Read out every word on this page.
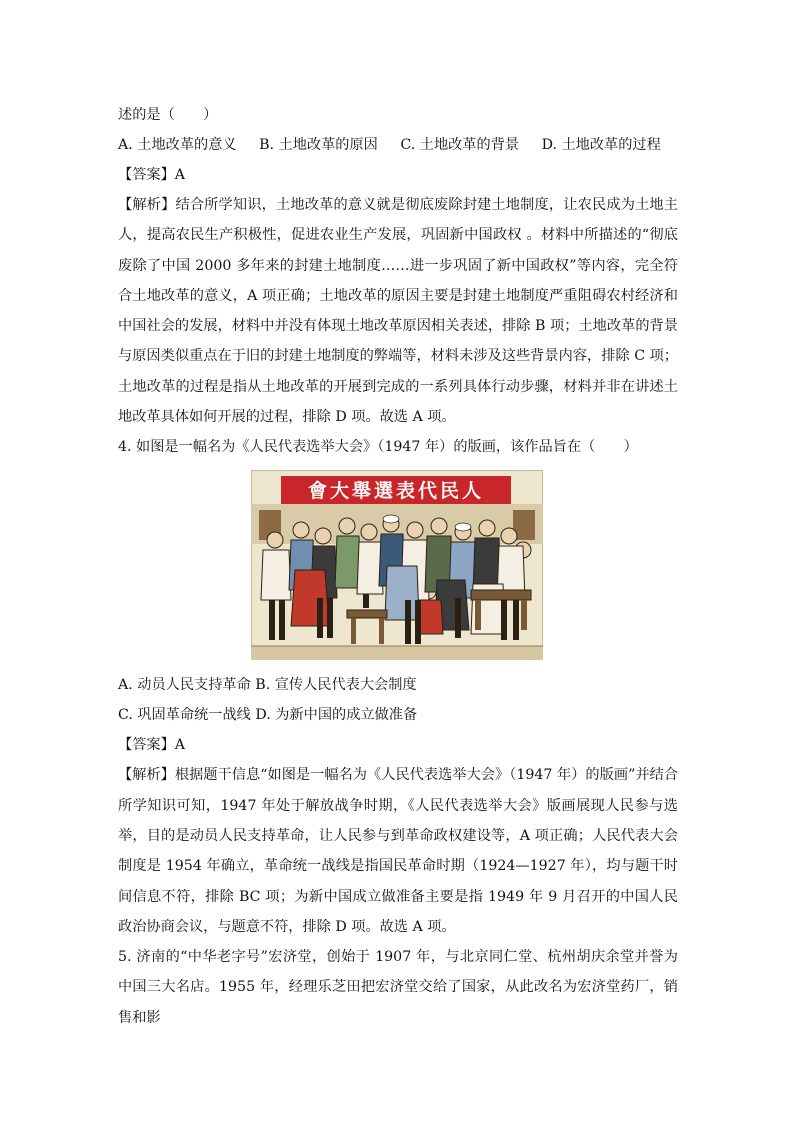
述的是（　　）

A. 土地改革的意义 B. 土地改革的原因 C. 土地改革的背景 D. 土地改革的过程

【答案】A

【解析】结合所学知识，土地改革的意义就是彻底废除封建土地制度，让农民成为土地主人，提高农民生产积极性，促进农业生产发展，巩固新中国政权 。材料中所描述的“彻底废除了中国 2000 多年来的封建土地制度……进一步巩固了新中国政权”等内容，完全符合土地改革的意义，A 项正确；土地改革的原因主要是封建土地制度严重阻碍农村经济和中国社会的发展，材料中并没有体现土地改革原因相关表述，排除 B 项；土地改革的背景与原因类似重点在于旧的封建土地制度的弊端等，材料未涉及这些背景内容，排除 C 项；土地改革的过程是指从土地改革的开展到完成的一系列具体行动步骤，材料并非在讲述土地改革具体如何开展的过程，排除 D 项。故选 A 项。

4. 如图是一幅名为《人民代表选举大会》（1947 年）的版画，该作品旨在（　　）

會大舉選表代民人

A. 动员人民支持革命 B. 宣传人民代表大会制度

C. 巩固革命统一战线 D. 为新中国的成立做准备

【答案】A

【解析】根据题干信息“如图是一幅名为《人民代表选举大会》（1947 年）的版画”并结合所学知识可知，1947 年处于解放战争时期，《人民代表选举大会》版画展现人民参与选举，目的是动员人民支持革命，让人民参与到革命政权建设等，A 项正确；人民代表大会制度是 1954 年确立，革命统一战线是指国民革命时期（1924—1927 年），均与题干时间信息不符，排除 BC 项；为新中国成立做准备主要是指 1949 年 9 月召开的中国人民政治协商会议，与题意不符，排除 D 项。故选 A 项。

5. 济南的“中华老字号”宏济堂，创始于 1907 年，与北京同仁堂、杭州胡庆余堂并誉为中国三大名店。1955 年，经理乐芝田把宏济堂交给了国家，从此改名为宏济堂药厂，销售和影
